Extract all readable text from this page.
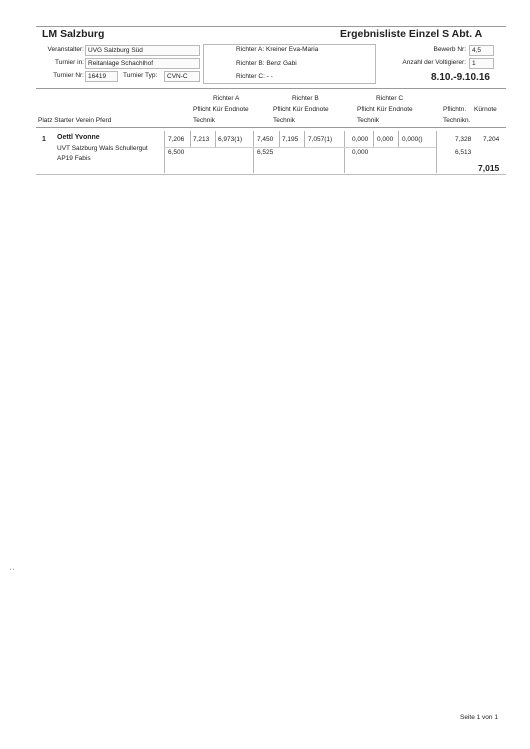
LM Salzburg	Ergebnisliste Einzel S Abt. A
Veranstalter: UVG Salzburg Süd
Turnier in: Reitanlage Schachlhof
Turnier Nr: 16419	Turnier Typ:	CVN-C
Richter A: Kreiner Eva-Maria
Richter B: Benz Gabi
Richter C: - -
Bewerb Nr: 4,5
Anzahl der Voltigierer: 1
8.10.-9.10.16
Richter A
Pflicht Kür Endnote
Technik
Richter B
Pflicht Kür Endnote
Technik
Richter C
Pflicht Kür Endnote
Technik
Platz Starter Verein Pferd
Pflichtn. Kürnote
Technikn.
1 Oettl Yvonne
UVT Salzburg Wals Schullergut
AP19 Fabis
7,206 7,213 6,973(1)
6,500
7,450 7,195 7,057(1)
6,525
0,000 0,000 0,000()
0,000
7,328 7,204
6,513
7,015
ʹ ʹ
Seite 1 von 1
